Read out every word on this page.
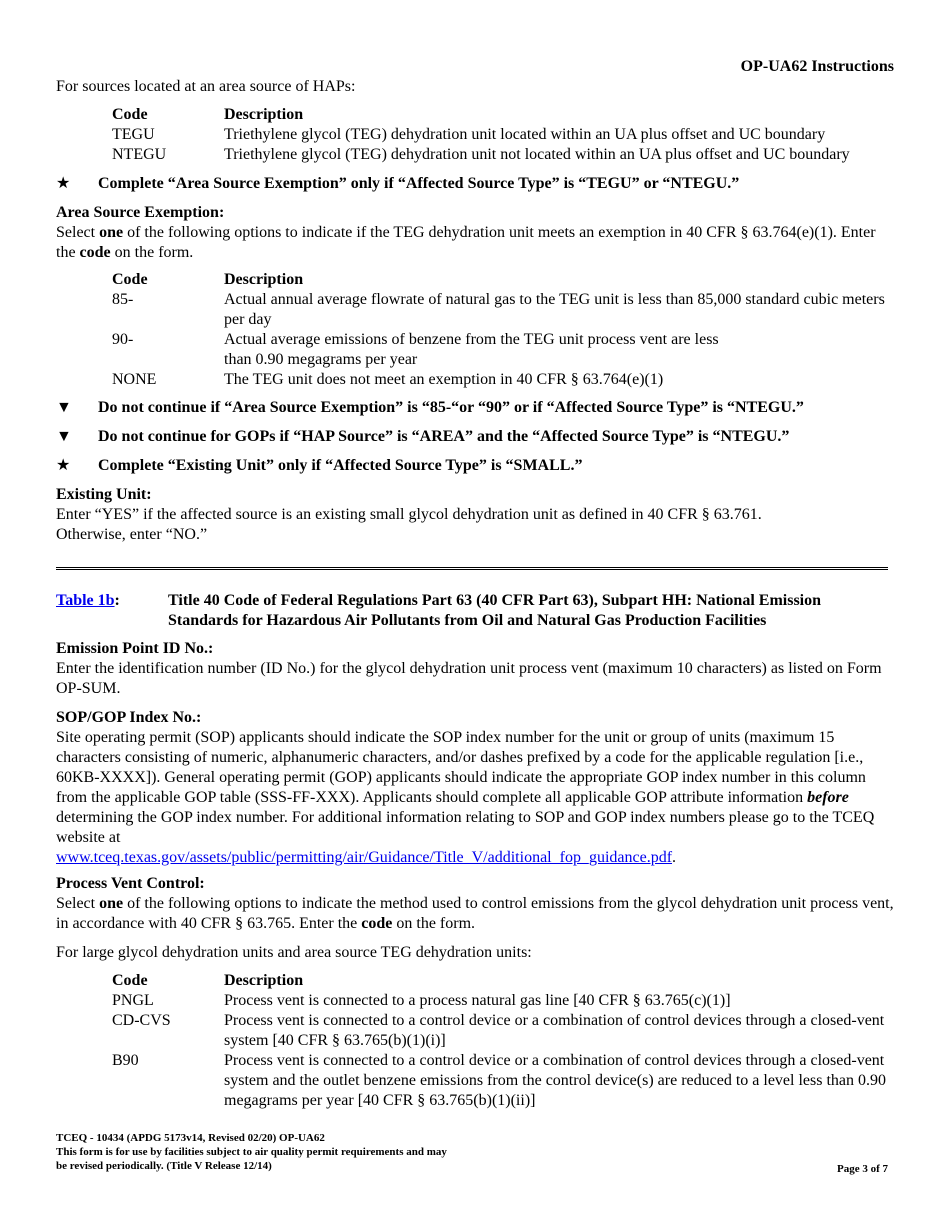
OP-UA62 Instructions

For sources located at an area source of HAPs:

Code	Description
TEGU	Triethylene glycol (TEG) dehydration unit located within an UA plus offset and UC boundary
NTEGU	Triethylene glycol (TEG) dehydration unit not located within an UA plus offset and UC boundary
★	Complete “Area Source Exemption” only if “Affected Source Type” is “TEGU” or “NTEGU.”

Area Source Exemption:

Select one of the following options to indicate if the TEG dehydration unit meets an exemption in 40 CFR § 63.764(e)(1). Enter the code on the form.

Code	Description
85-	Actual annual average flowrate of natural gas to the TEG unit is less than 85,000 standard cubic meters per day
90-	Actual average emissions of benzene from the TEG unit process vent are less
than 0.90 megagrams per year
NONE	The TEG unit does not meet an exemption in 40 CFR § 63.764(e)(1)
▼	Do not continue if “Area Source Exemption” is “85-“or “90” or if “Affected Source Type” is “NTEGU.”
▼	Do not continue for GOPs if “HAP Source” is “AREA” and the “Affected Source Type” is “NTEGU.”
★	Complete “Existing Unit” only if “Affected Source Type” is “SMALL.”

Existing Unit:

Enter “YES” if the affected source is an existing small glycol dehydration unit as defined in 40 CFR § 63.761. Otherwise, enter “NO.”

Table 1b:	Title 40 Code of Federal Regulations Part 63 (40 CFR Part 63), Subpart HH: National Emission Standards for Hazardous Air Pollutants from Oil and Natural Gas Production Facilities

Emission Point ID No.:

Enter the identification number (ID No.) for the glycol dehydration unit process vent (maximum 10 characters) as listed on Form OP-SUM.

SOP/GOP Index No.:

Site operating permit (SOP) applicants should indicate the SOP index number for the unit or group of units (maximum 15 characters consisting of numeric, alphanumeric characters, and/or dashes prefixed by a code for the applicable regulation [i.e., 60KB-XXXX]). General operating permit (GOP) applicants should indicate the appropriate GOP index number in this column from the applicable GOP table (SSS-FF-XXX). Applicants should complete all applicable GOP attribute information before determining the GOP index number. For additional information relating to SOP and GOP index numbers please go to the TCEQ website at
www.tceq.texas.gov/assets/public/permitting/air/Guidance/Title_V/additional_fop_guidance.pdf.

Process Vent Control:

Select one of the following options to indicate the method used to control emissions from the glycol dehydration unit process vent, in accordance with 40 CFR § 63.765. Enter the code on the form.

For large glycol dehydration units and area source TEG dehydration units:

Code	Description
PNGL	Process vent is connected to a process natural gas line [40 CFR § 63.765(c)(1)]
CD-CVS	Process vent is connected to a control device or a combination of control devices through a closed-vent system [40 CFR § 63.765(b)(1)(i)]
B90	Process vent is connected to a control device or a combination of control devices through a closed-vent system and the outlet benzene emissions from the control device(s) are reduced to a level less than 0.90 megagrams per year [40 CFR § 63.765(b)(1)(ii)]
TCEQ - 10434 (APDG 5173v14, Revised 02/20) OP-UA62
This form is for use by facilities subject to air quality permit requirements and may
be revised periodically. (Title V Release 12/14)	Page 3 of 7
